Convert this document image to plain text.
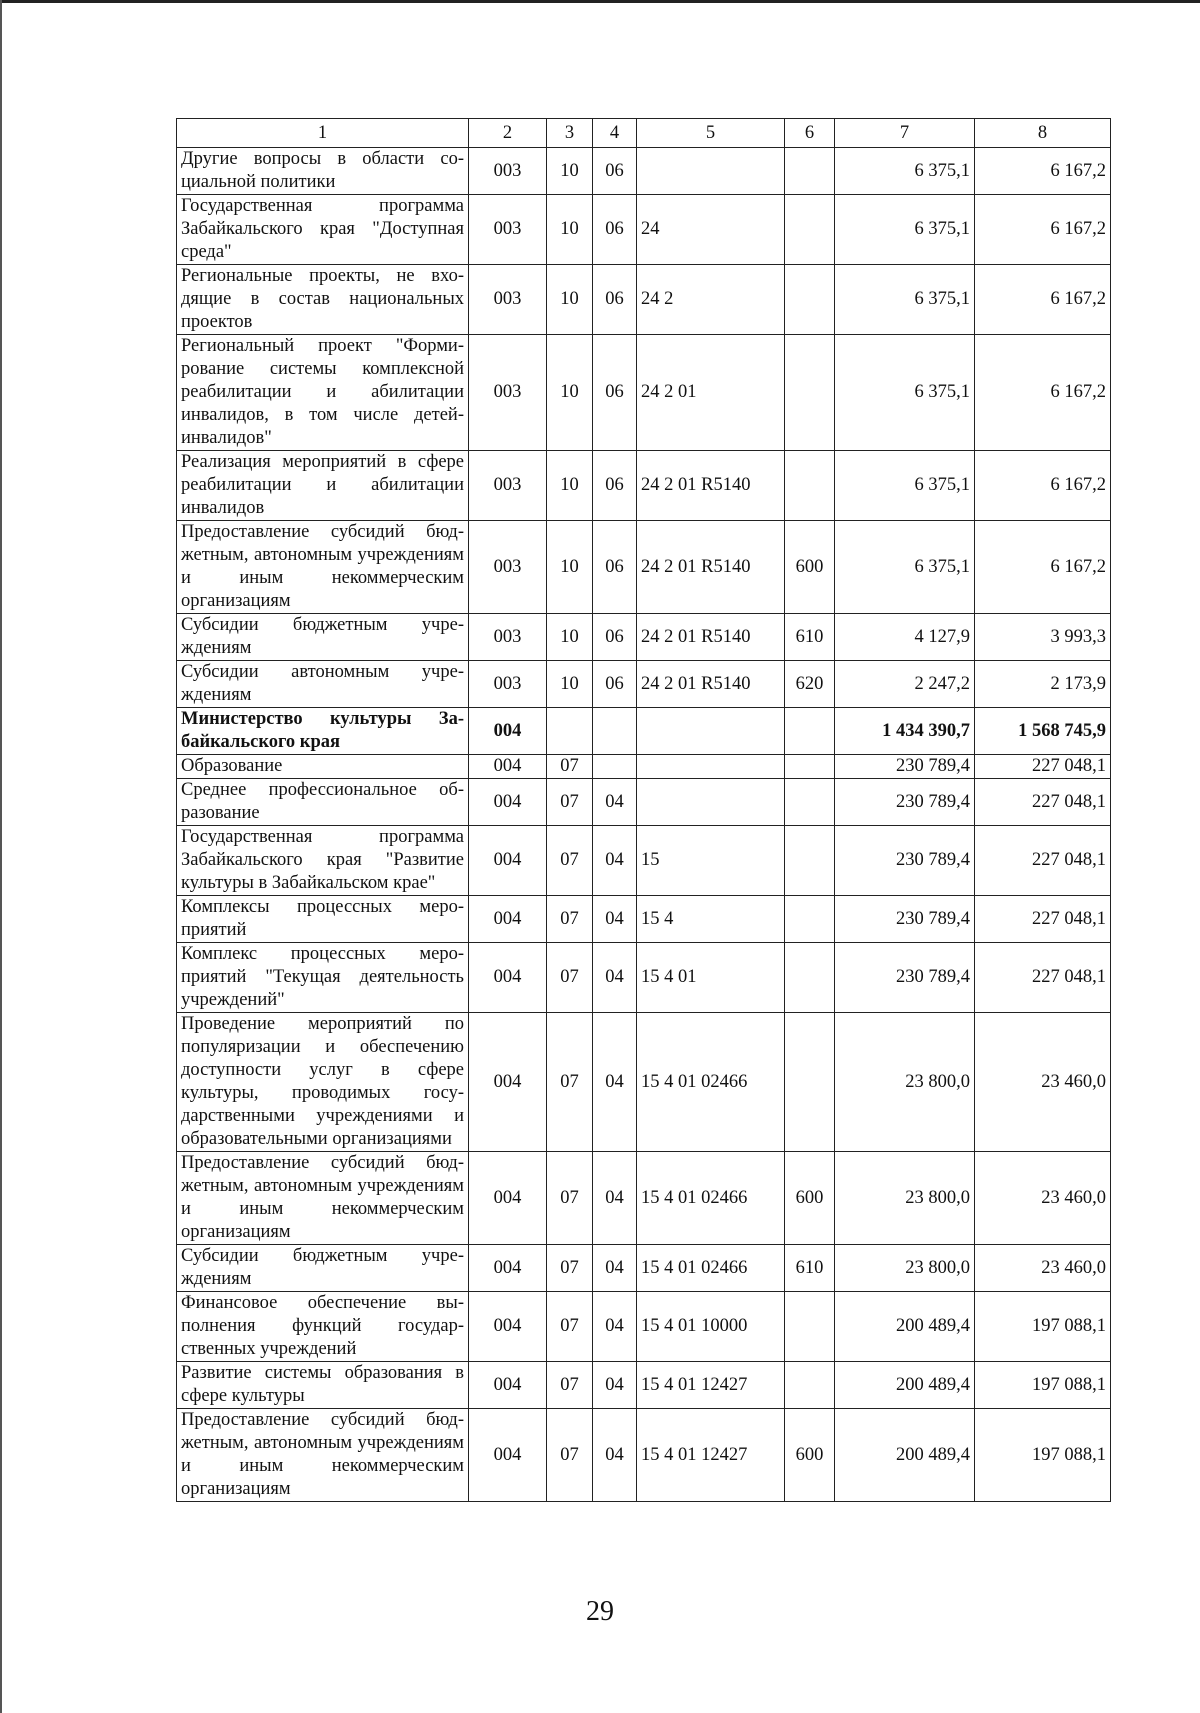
1	2	3	4	5	6	7	8
Другие вопросы в области социальной политики	003	10	06			6 375,1	6 167,2
Государственная программа Забайкальского края "Доступная среда"	003	10	06	24		6 375,1	6 167,2
Региональные проекты, не входящие в состав национальных проектов	003	10	06	24 2		6 375,1	6 167,2
Региональный проект "Формирование системы комплексной реабилитации и абилитации инвалидов, в том числе детей-инвалидов"	003	10	06	24 2 01		6 375,1	6 167,2
Реализация мероприятий в сфере реабилитации и абилитации инвалидов	003	10	06	24 2 01 R5140		6 375,1	6 167,2
Предоставление субсидий бюджетным, автономным учреждениям и иным некоммерческим организациям	003	10	06	24 2 01 R5140	600	6 375,1	6 167,2
Субсидии бюджетным учреждениям	003	10	06	24 2 01 R5140	610	4 127,9	3 993,3
Субсидии автономным учреждениям	003	10	06	24 2 01 R5140	620	2 247,2	2 173,9
Министерство культуры Забайкальского края	004					1 434 390,7	1 568 745,9
Образование	004	07				230 789,4	227 048,1
Среднее профессиональное образование	004	07	04			230 789,4	227 048,1
Государственная программа Забайкальского края "Развитие культуры в Забайкальском крае"	004	07	04	15		230 789,4	227 048,1
Комплексы процессных мероприятий	004	07	04	15 4		230 789,4	227 048,1
Комплекс процессных мероприятий "Текущая деятельность учреждений"	004	07	04	15 4 01		230 789,4	227 048,1
Проведение мероприятий по популяризации и обеспечению доступности услуг в сфере культуры, проводимых государственными учреждениями и образовательными организациями	004	07	04	15 4 01 02466		23 800,0	23 460,0
Предоставление субсидий бюджетным, автономным учреждениям и иным некоммерческим организациям	004	07	04	15 4 01 02466	600	23 800,0	23 460,0
Субсидии бюджетным учреждениям	004	07	04	15 4 01 02466	610	23 800,0	23 460,0
Финансовое обеспечение выполнения функций государственных учреждений	004	07	04	15 4 01 10000		200 489,4	197 088,1
Развитие системы образования в сфере культуры	004	07	04	15 4 01 12427		200 489,4	197 088,1
Предоставление субсидий бюджетным, автономным учреждениям и иным некоммерческим организациям	004	07	04	15 4 01 12427	600	200 489,4	197 088,1
29
